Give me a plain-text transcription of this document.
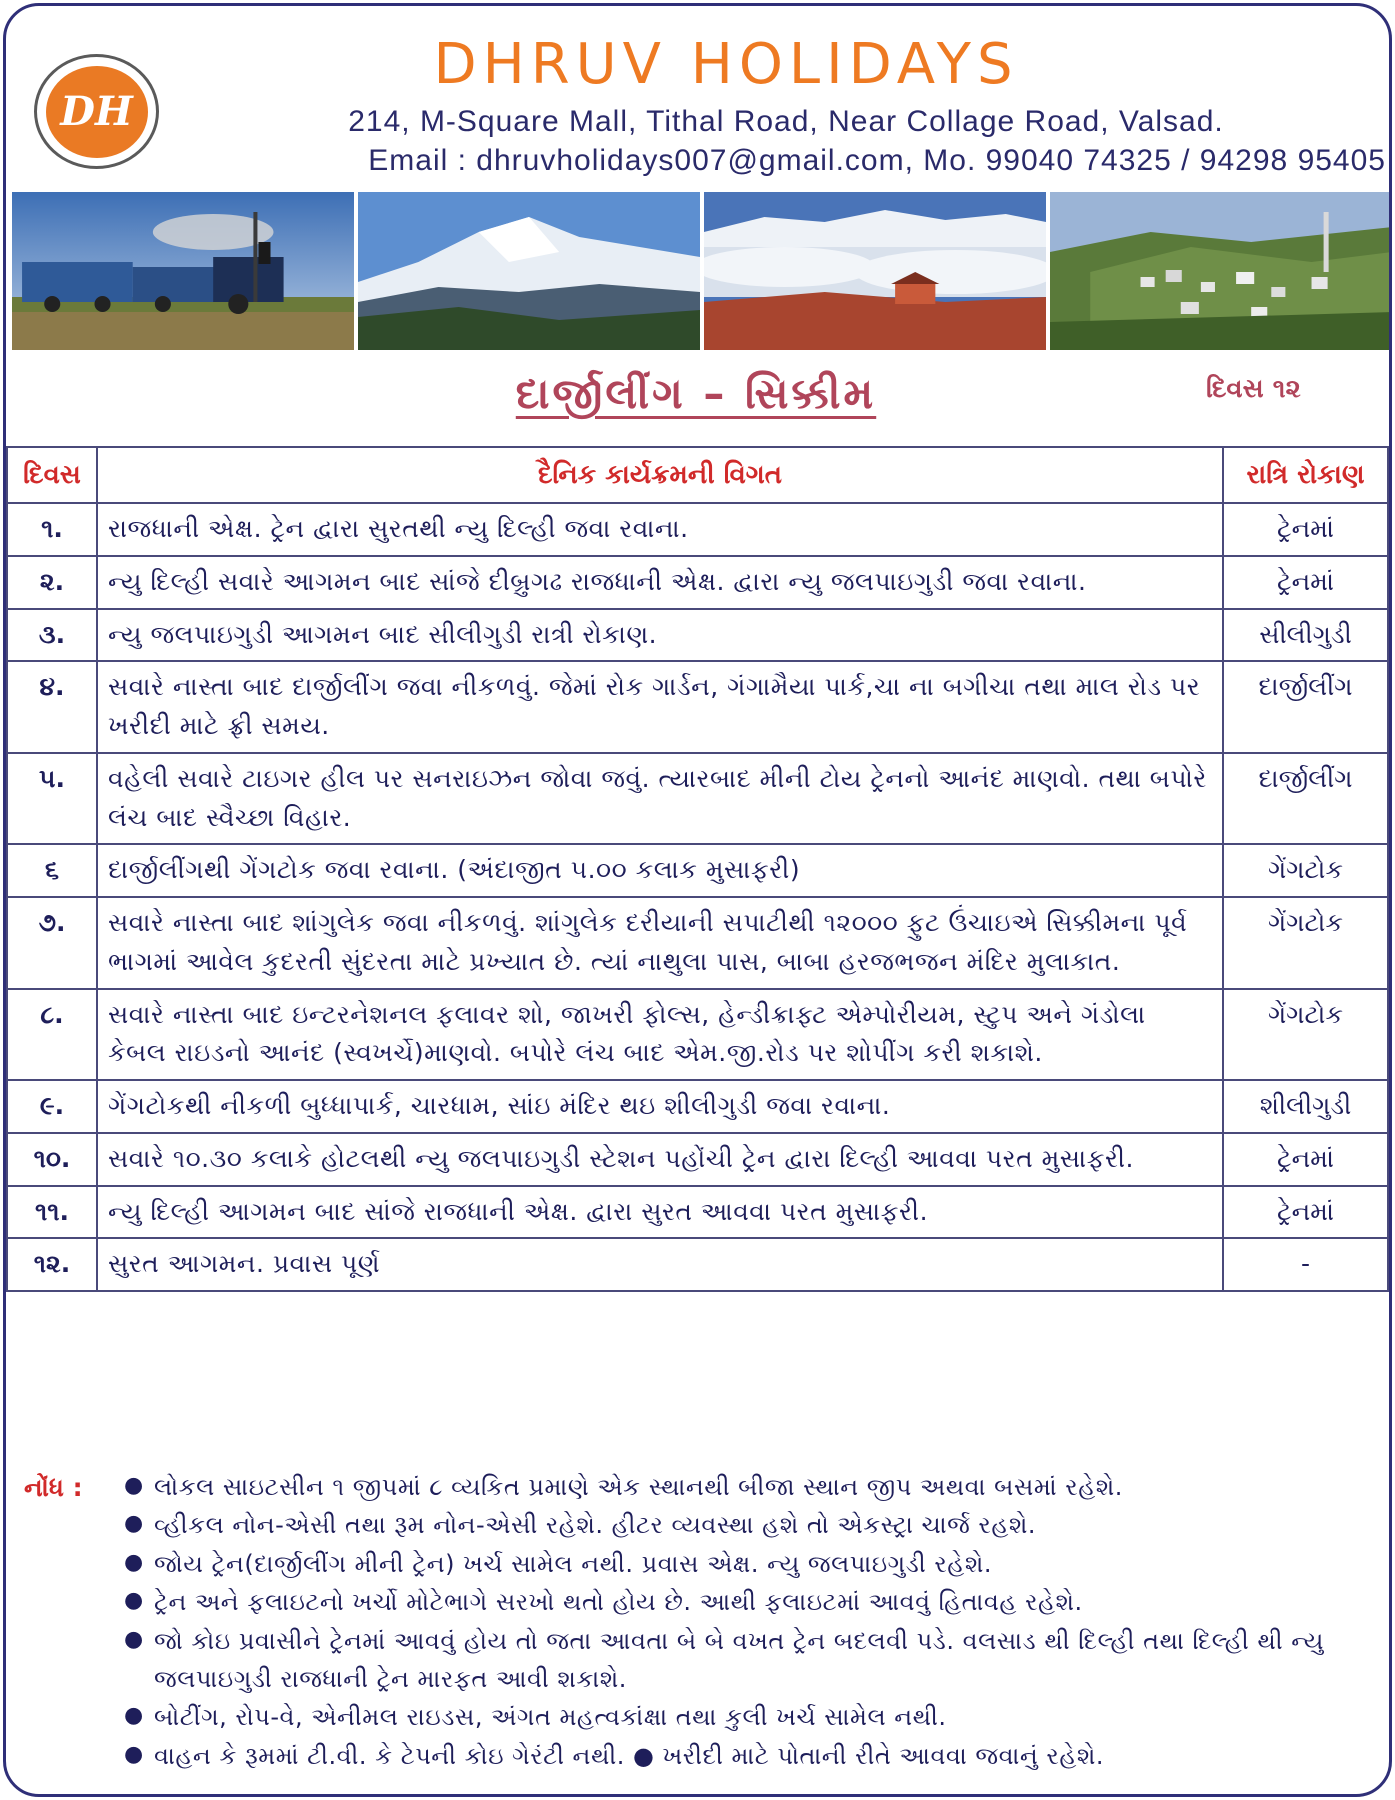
DH
DHRUV HOLIDAYS
214, M-Square Mall, Tithal Road, Near Collage Road, Valsad.
Email : dhruvholidays007@gmail.com, Mo. 99040 74325 / 94298 95405
દાર્જીલીંગ – સિક્કીમ	દિવસ ૧૨
દિવસ	દૈનિક કાર્યક્રમની વિગત	રાત્રિ રોકાણ
૧.	રાજધાની એક્ષ. ટ્રેન દ્વારા સુરતથી ન્યુ દિલ્હી જવા રવાના.	ટ્રેનમાં
૨.	ન્યુ દિલ્હી સવારે આગમન બાદ સાંજે દીબ્રુગઢ રાજધાની એક્ષ. દ્વારા ન્યુ જલપાઇગુડી જવા રવાના.	ટ્રેનમાં
૩.	ન્યુ જલપાઇગુડી આગમન બાદ સીલીગુડી રાત્રી રોકાણ.	સીલીગુડી
૪.	સવારે નાસ્તા બાદ દાર્જીલીંગ જવા નીકળવું. જેમાં રોક ગાર્ડન, ગંગામૈયા પાર્ક,ચા ના બગીચા તથા માલ રોડ પર ખરીદી માટે ફ્રી સમય.	દાર્જીલીંગ
૫.	વહેલી સવારે ટાઇગર હીલ પર સનરાઇઝન જોવા જવું. ત્યારબાદ મીની ટોય ટ્રેનનો આનંદ માણવો. તથા બપોરે લંચ બાદ સ્વૈચ્છા વિહાર.	દાર્જીલીંગ
૬	દાર્જીલીંગથી ગેંગટોક જવા રવાના. (અંદાજીત ૫.૦૦ કલાક મુસાફરી)	ગેંગટોક
૭.	સવારે નાસ્તા બાદ શાંગુલેક જવા નીકળવું. શાંગુલેક દરીયાની સપાટીથી ૧૨૦૦૦ ફુટ ઉંચાઇએ સિક્કીમના પૂર્વ ભાગમાં આવેલ કુદરતી સુંદરતા માટે પ્રખ્યાત છે. ત્યાં નાથુલા પાસ, બાબા હરજભજન મંદિર મુલાકાત.	ગેંગટોક
૮.	સવારે નાસ્તા બાદ ઇન્ટરનેશનલ ફલાવર શો, જાખરી ફોલ્સ, હેન્ડીક્રાફ્ટ એમ્પોરીયમ, સ્ટુપ અને ગંડોલા કેબલ રાઇડનો આનંદ (સ્વખર્ચે)માણવો. બપોરે લંચ બાદ એમ.જી.રોડ પર શોપીંગ કરી શકાશે.	ગેંગટોક
૯.	ગેંગટોકથી નીકળી બુધ્ધાપાર્ક, ચારધામ, સાંઇ મંદિર થઇ શીલીગુડી જવા રવાના.	શીલીગુડી
૧૦.	સવારે ૧૦.૩૦ કલાકે હોટલથી ન્યુ જલપાઇગુડી સ્ટેશન પહોંચી ટ્રેન દ્વારા દિલ્હી આવવા પરત મુસાફરી.	ટ્રેનમાં
૧૧.	ન્યુ દિલ્હી આગમન બાદ સાંજે રાજધાની એક્ષ. દ્વારા સુરત આવવા પરત મુસાફરી.	ટ્રેનમાં
૧૨.	સુરત આગમન. પ્રવાસ પૂર્ણ	-
નોંધ :	● લોકલ સાઇટસીન ૧ જીપમાં ૮ વ્યકિત પ્રમાણે એક સ્થાનથી બીજા સ્થાન જીપ અથવા બસમાં રહેશે.
● વ્હીકલ નોન-એસી તથા રૂમ નોન-એસી રહેશે. હીટર વ્યવસ્થા હશે તો એકસ્ટ્રા ચાર્જ રહશે.
● જોય ટ્રેન(દાર્જીલીંગ મીની ટ્રેન) ખર્ચ સામેલ નથી. પ્રવાસ એક્ષ. ન્યુ જલપાઇગુડી રહેશે.
● ટ્રેન અને ફલાઇટનો ખર્ચો મોટેભાગે સરખો થતો હોય છે. આથી ફલાઇટમાં આવવું હિતાવહ રહેશે.
● જો કોઇ પ્રવાસીને ટ્રેનમાં આવવું હોય તો જતા આવતા બે બે વખત ટ્રેન બદલવી પડે. વલસાડ થી દિલ્હી તથા દિલ્હી થી ન્યુ જલપાઇગુડી રાજધાની ટ્રેન મારફત આવી શકાશે.
● બોટીંગ, રોપ-વે, એનીમલ રાઇડસ, અંગત મહત્વકાંક્ષા તથા કુલી ખર્ચ સામેલ નથી.
● વાહન કે રૂમમાં ટી.વી. કે ટેપની કોઇ ગેરંટી નથી. ● ખરીદી માટે પોતાની રીતે આવવા જવાનું રહેશે.
